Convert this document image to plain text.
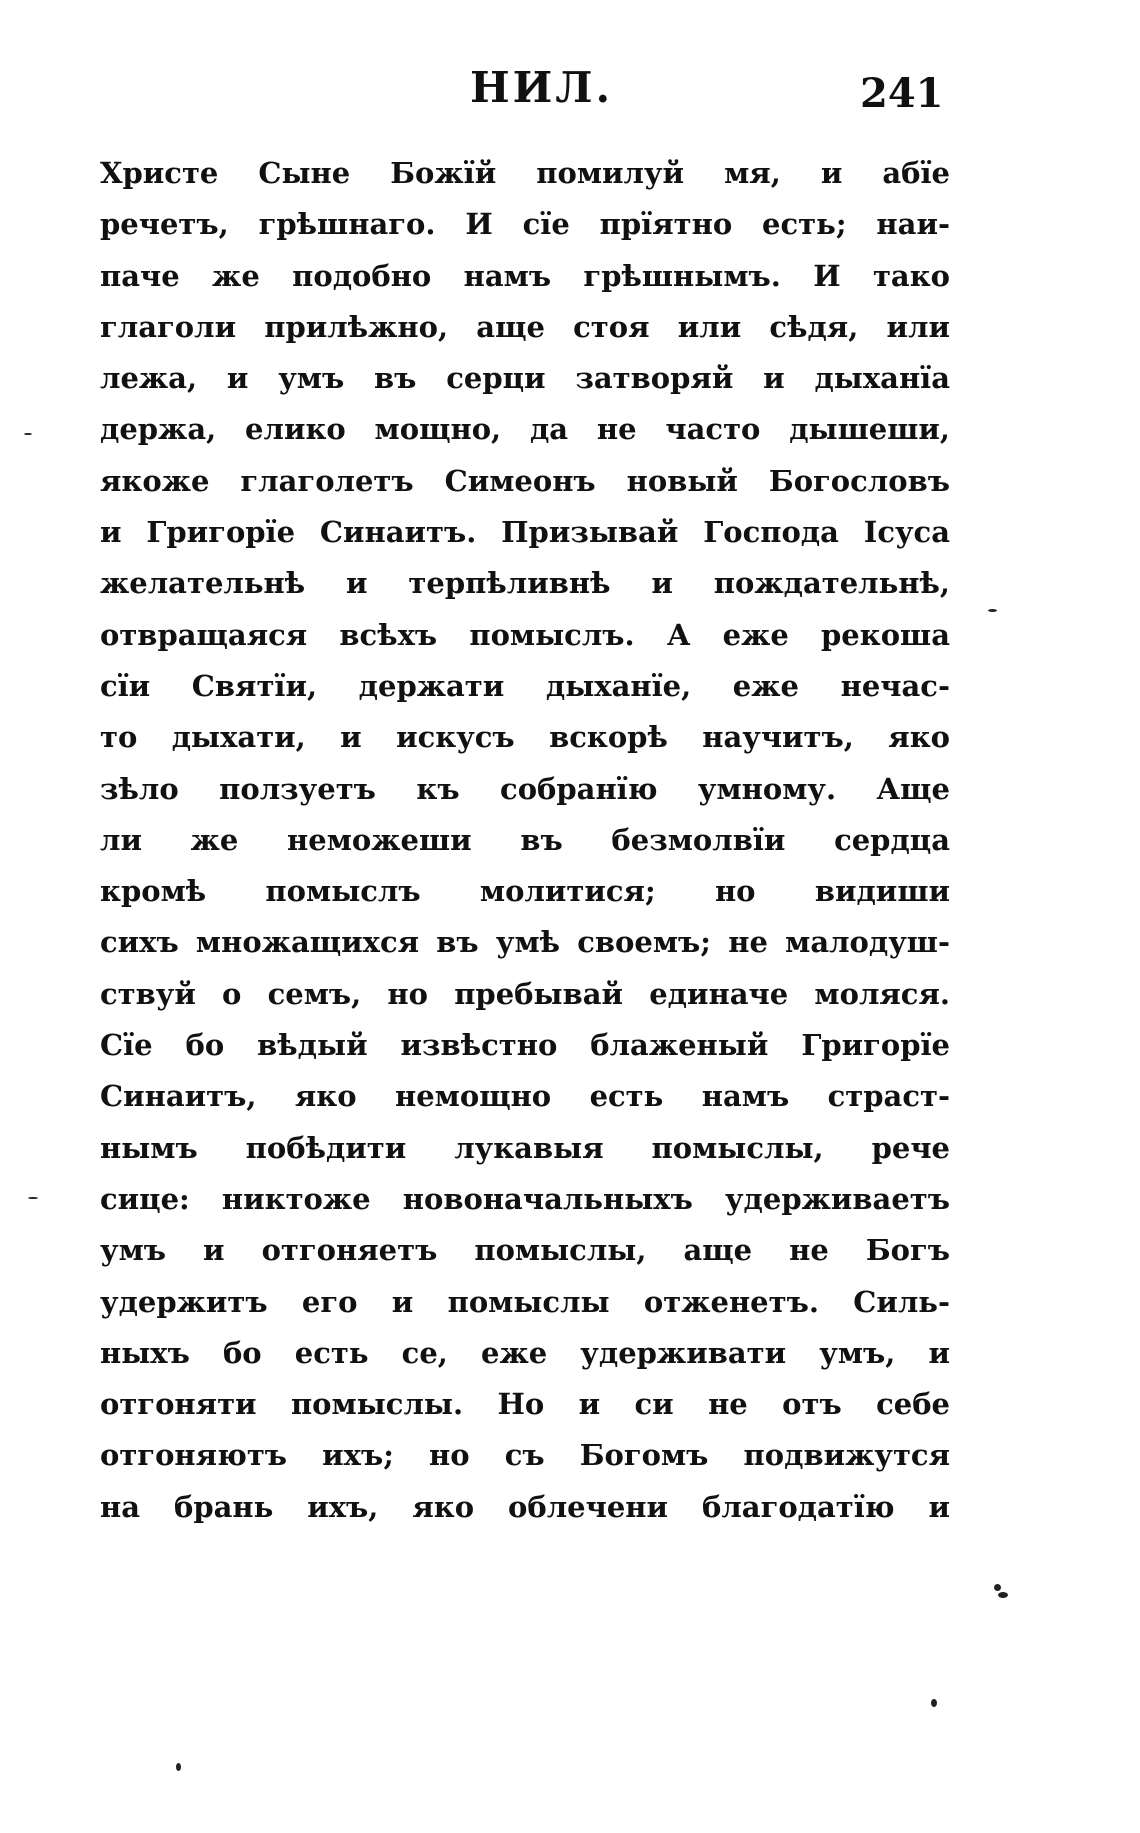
НИЛ.	241
Христе Сыне Божїй помилуй мя, и абїе
речетъ, грѣшнаго. И сїе прїятно есть; наи-
паче же подобно намъ грѣшнымъ. И тако
глаголи прилѣжно, аще стоя или сѣдя, или
лежа, и умъ въ серци затворяй и дыханїа
держа, елико мощно, да не часто дышеши,
якоже глаголетъ Симеонъ новый Богословъ
и Григорїе Синаитъ. Призывай Господа Iсуса
желательнѣ и терпѣливнѣ и пождательнѣ,
отвращаяся всѣхъ помыслъ. А еже рекоша
сїи Святїи, держати дыханїе, еже нечас-
то дыхати, и искусъ вскорѣ научитъ, яко
зѣло ползуетъ къ собранїю умному. Аще
ли же неможеши въ безмолвїи сердца
кромѣ помыслъ молитися; но видиши
сихъ множащихся въ умѣ своемъ; не малодуш-
ствуй о семъ, но пребывай единаче моляся.
Сїе бо вѣдый извѣстно блаженый Григорїе
Синаитъ, яко немощно есть намъ страст-
нымъ побѣдити лукавыя помыслы, рече
сице: никтоже новоначальныхъ удерживаетъ
умъ и отгоняетъ помыслы, аще не Богъ
удержитъ его и помыслы отженетъ. Силь-
ныхъ бо есть се, еже удерживати умъ, и
отгоняти помыслы. Но и си не отъ себе
отгоняютъ ихъ; но съ Богомъ подвижутся
на брань ихъ, яко облечени благодатїю и
